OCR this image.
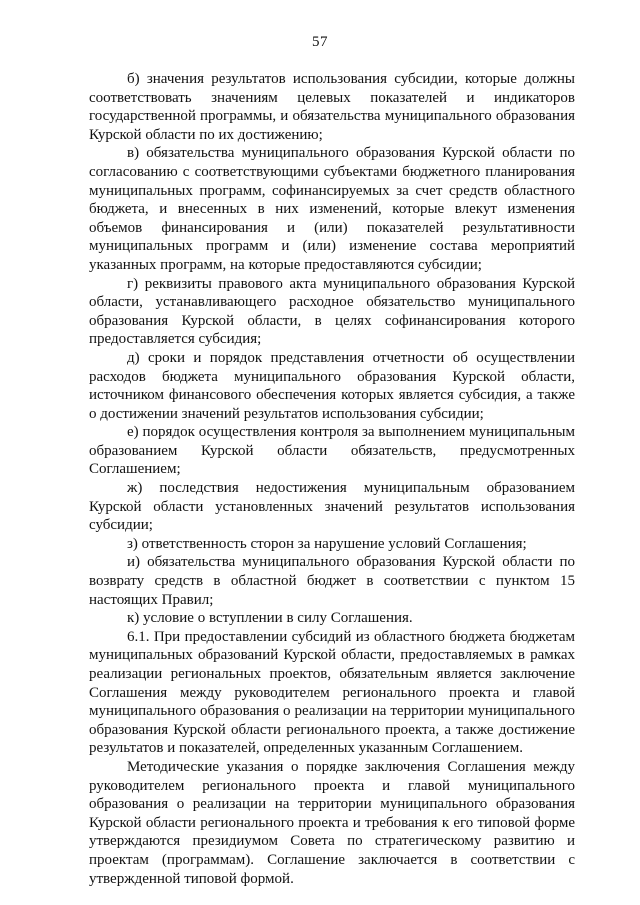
57

б) значения результатов использования субсидии, которые должны соответствовать значениям целевых показателей и индикаторов государственной программы, и обязательства муниципального образования Курской области по их достижению;

в) обязательства муниципального образования Курской области по согласованию с соответствующими субъектами бюджетного планирования муниципальных программ, софинансируемых за счет средств областного бюджета, и внесенных в них изменений, которые влекут изменения объемов финансирования и (или) показателей результативности муниципальных программ и (или) изменение состава мероприятий указанных программ, на которые предоставляются субсидии;

г) реквизиты правового акта муниципального образования Курской области, устанавливающего расходное обязательство муниципального образования Курской области, в целях софинансирования которого предоставляется субсидия;

д) сроки и порядок представления отчетности об осуществлении расходов бюджета муниципального образования Курской области, источником финансового обеспечения которых является субсидия, а также о достижении значений результатов использования субсидии;

е) порядок осуществления контроля за выполнением муниципальным образованием Курской области обязательств, предусмотренных Соглашением;

ж) последствия недостижения муниципальным образованием Курской области установленных значений результатов использования субсидии;

з) ответственность сторон за нарушение условий Соглашения;

и) обязательства муниципального образования Курской области по возврату средств в областной бюджет в соответствии с пунктом 15 настоящих Правил;

к) условие о вступлении в силу Соглашения.

6.1. При предоставлении субсидий из областного бюджета бюджетам муниципальных образований Курской области, предоставляемых в рамках реализации региональных проектов, обязательным является заключение Соглашения между руководителем регионального проекта и главой муниципального образования о реализации на территории муниципального образования Курской области регионального проекта, а также достижение результатов и показателей, определенных указанным Соглашением.

Методические указания о порядке заключения Соглашения между руководителем регионального проекта и главой муниципального образования о реализации на территории муниципального образования Курской области регионального проекта и требования к его типовой форме утверждаются президиумом Совета по стратегическому развитию и проектам (программам). Соглашение заключается в соответствии с утвержденной типовой формой.
